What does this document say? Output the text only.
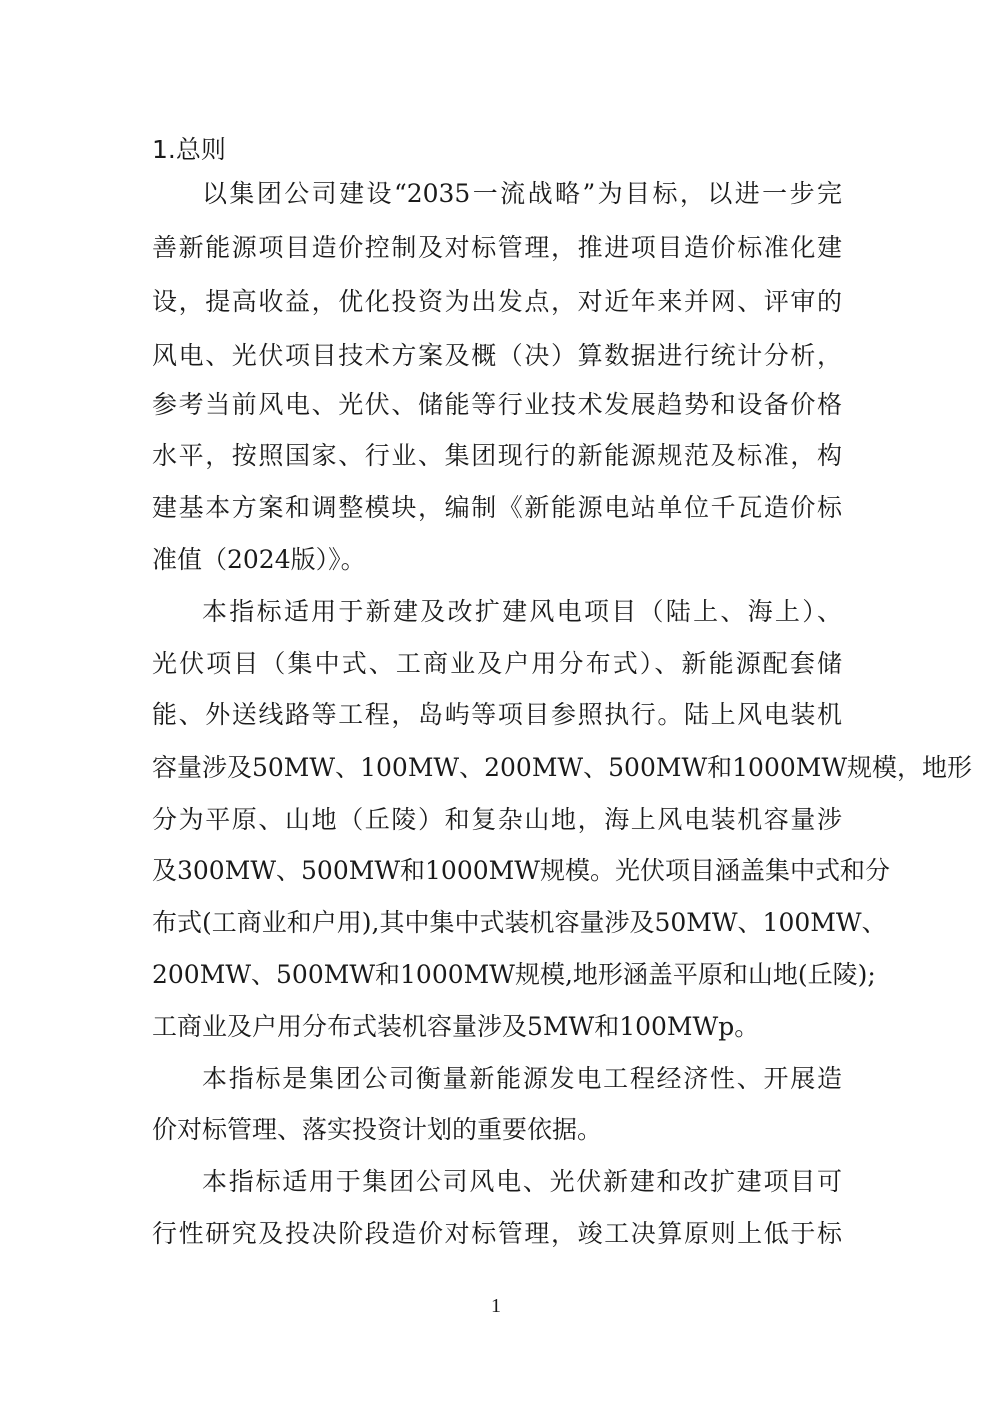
1.总则
以集团公司建设“2035一流战略”为目标，以进一步完
善新能源项目造价控制及对标管理，推进项目造价标准化建
设，提高收益，优化投资为出发点，对近年来并网、评审的
风电、光伏项目技术方案及概（决）算数据进行统计分析，
参考当前风电、光伏、储能等行业技术发展趋势和设备价格
水平，按照国家、行业、集团现行的新能源规范及标准，构
建基本方案和调整模块，编制《新能源电站单位千瓦造价标
准值（2024版）》。
本指标适用于新建及改扩建风电项目（陆上、海上）、
光伏项目（集中式、工商业及户用分布式）、新能源配套储
能、外送线路等工程，岛屿等项目参照执行。陆上风电装机
容量涉及50MW、100MW、200MW、500MW和1000MW规模，地形
分为平原、山地（丘陵）和复杂山地，海上风电装机容量涉
及300MW、500MW和1000MW规模。光伏项目涵盖集中式和分
布式(工商业和户用),其中集中式装机容量涉及50MW、100MW、
200MW、500MW和1000MW规模,地形涵盖平原和山地(丘陵);
工商业及户用分布式装机容量涉及5MW和100MWp。
本指标是集团公司衡量新能源发电工程经济性、开展造
价对标管理、落实投资计划的重要依据。
本指标适用于集团公司风电、光伏新建和改扩建项目可
行性研究及投决阶段造价对标管理，竣工决算原则上低于标
1
